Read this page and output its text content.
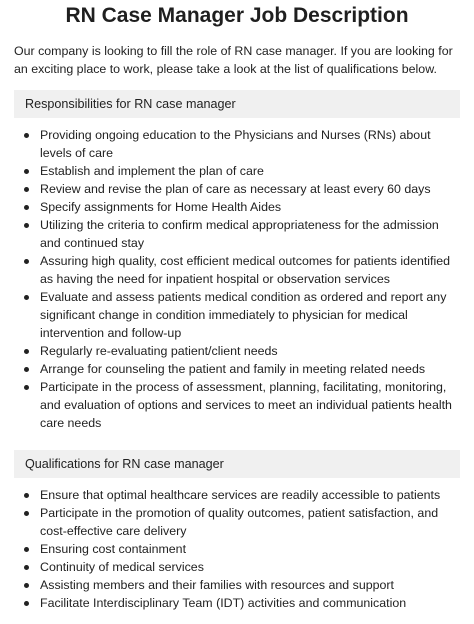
RN Case Manager Job Description

Our company is looking to fill the role of RN case manager. If you are looking for an exciting place to work, please take a look at the list of qualifications below.

Responsibilities for RN case manager
Providing ongoing education to the Physicians and Nurses (RNs) about levels of care
Establish and implement the plan of care
Review and revise the plan of care as necessary at least every 60 days
Specify assignments for Home Health Aides
Utilizing the criteria to confirm medical appropriateness for the admission and continued stay
Assuring high quality, cost efficient medical outcomes for patients identified as having the need for inpatient hospital or observation services
Evaluate and assess patients medical condition as ordered and report any significant change in condition immediately to physician for medical intervention and follow-up
Regularly re-evaluating patient/client needs
Arrange for counseling the patient and family in meeting related needs
Participate in the process of assessment, planning, facilitating, monitoring, and evaluation of options and services to meet an individual patients health care needs
Qualifications for RN case manager
Ensure that optimal healthcare services are readily accessible to patients
Participate in the promotion of quality outcomes, patient satisfaction, and cost-effective care delivery
Ensuring cost containment
Continuity of medical services
Assisting members and their families with resources and support
Facilitate Interdisciplinary Team (IDT) activities and communication
